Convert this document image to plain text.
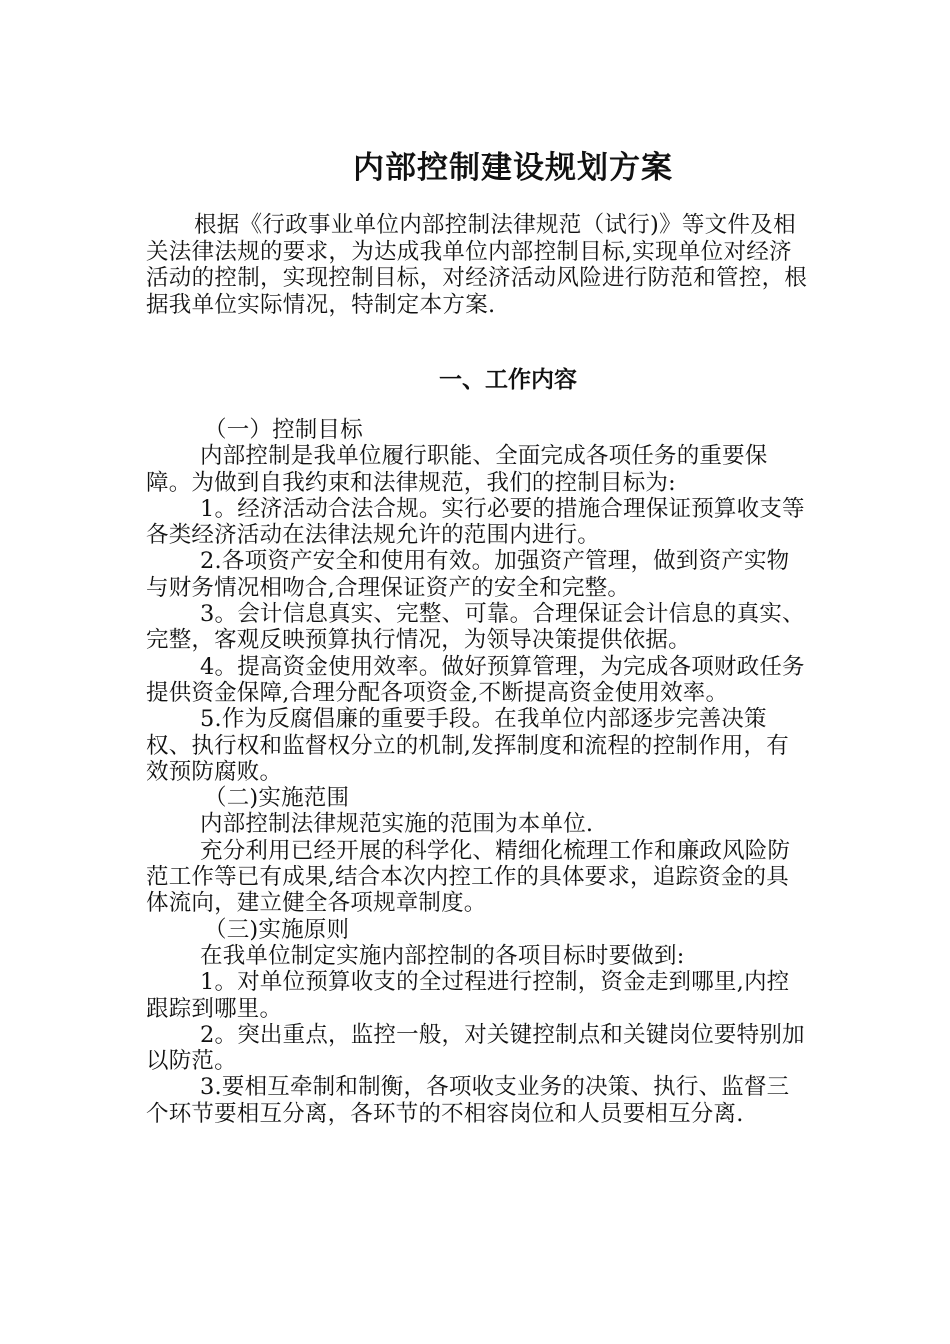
内部控制建设规划方案

根据《行政事业单位内部控制法律规范（试行)》等文件及相关法律法规的要求，为达成我单位内部控制目标,实现单位对经济活动的控制，实现控制目标，对经济活动风险进行防范和管控，根据我单位实际情况，特制定本方案.

一、工作内容

（一）控制目标

内部控制是我单位履行职能、全面完成各项任务的重要保障。为做到自我约束和法律规范，我们的控制目标为:

1。经济活动合法合规。实行必要的措施合理保证预算收支等各类经济活动在法律法规允许的范围内进行。

2.各项资产安全和使用有效。加强资产管理，做到资产实物与财务情况相吻合,合理保证资产的安全和完整。

3。会计信息真实、完整、可靠。合理保证会计信息的真实、完整，客观反映预算执行情况，为领导决策提供依据。

4。提高资金使用效率。做好预算管理，为完成各项财政任务提供资金保障,合理分配各项资金,不断提高资金使用效率。

5.作为反腐倡廉的重要手段。在我单位内部逐步完善决策权、执行权和监督权分立的机制,发挥制度和流程的控制作用，有效预防腐败。

（二)实施范围

内部控制法律规范实施的范围为本单位.

充分利用已经开展的科学化、精细化梳理工作和廉政风险防范工作等已有成果,结合本次内控工作的具体要求，追踪资金的具体流向，建立健全各项规章制度。

（三)实施原则

在我单位制定实施内部控制的各项目标时要做到:

1。对单位预算收支的全过程进行控制，资金走到哪里,内控跟踪到哪里。

2。突出重点，监控一般，对关键控制点和关键岗位要特别加以防范。

3.要相互牵制和制衡，各项收支业务的决策、执行、监督三个环节要相互分离，各环节的不相容岗位和人员要相互分离.
